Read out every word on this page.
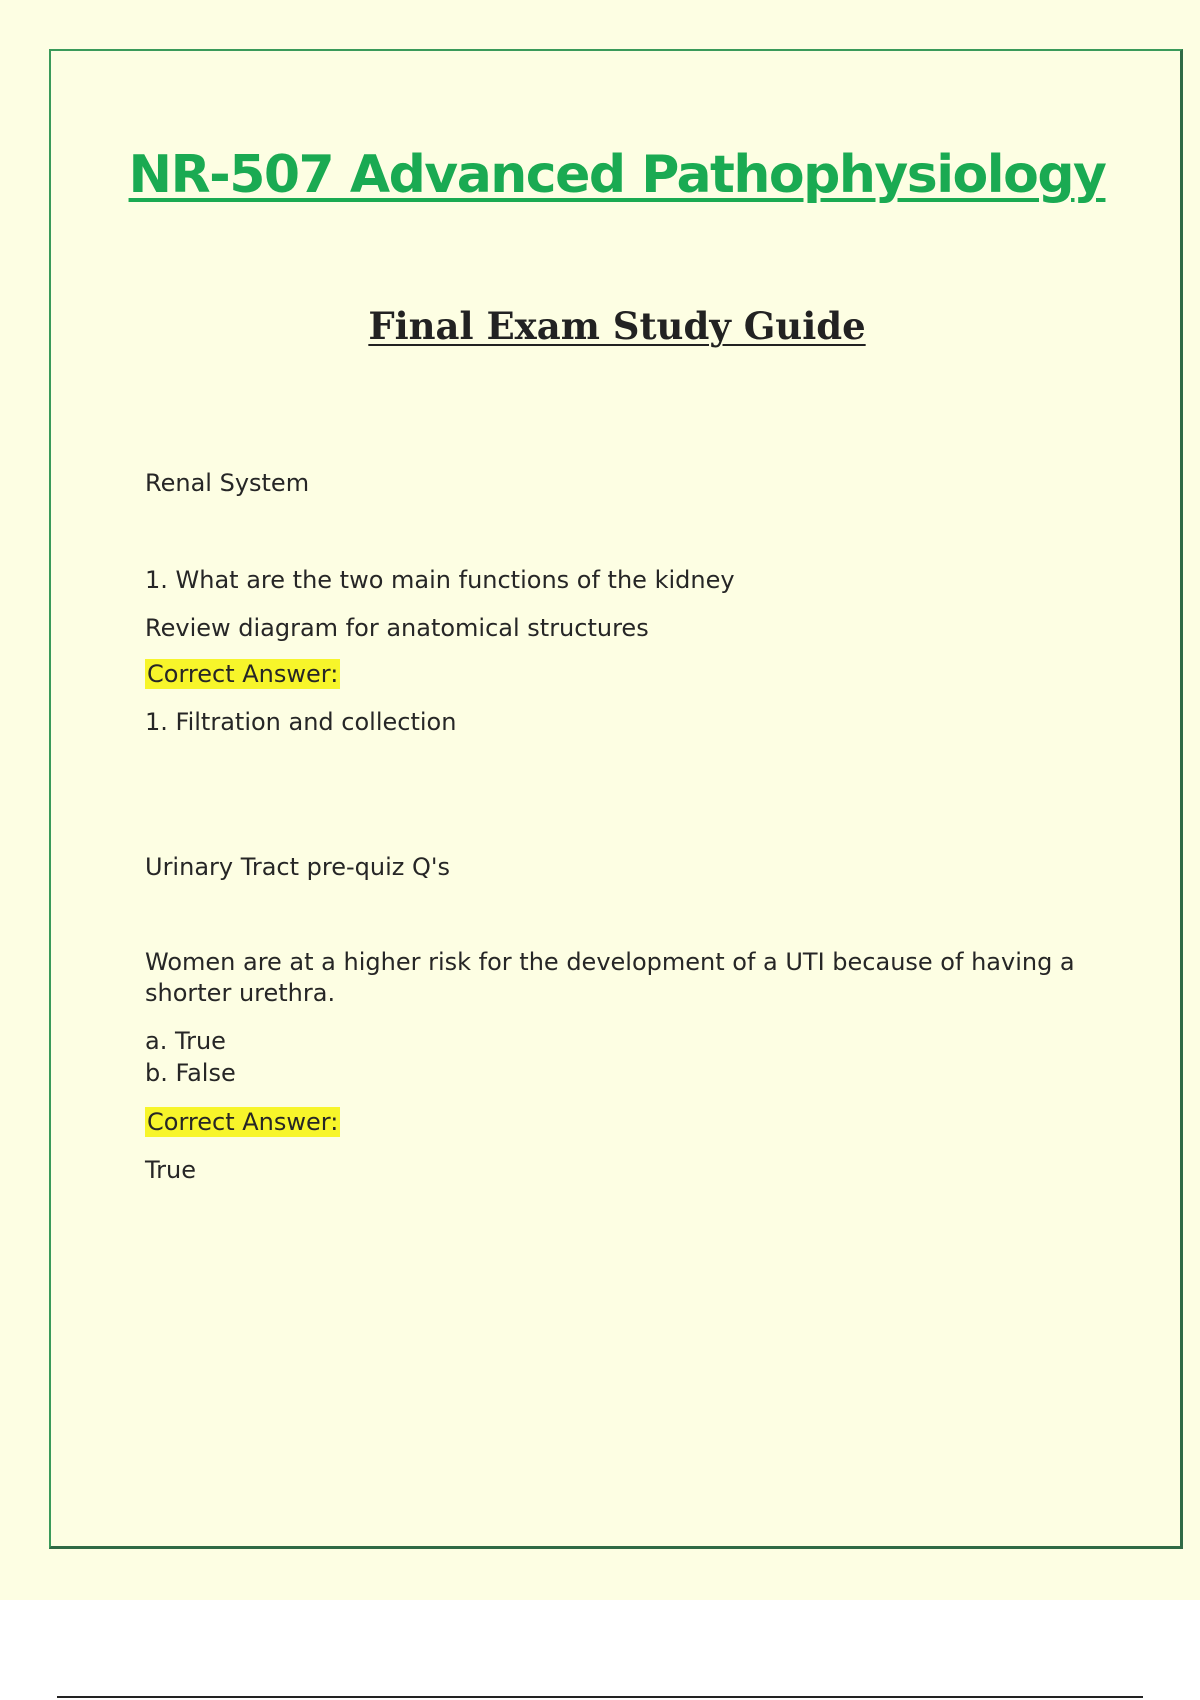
NR-507 Advanced Pathophysiology
Final Exam Study Guide
Renal System
1. What are the two main functions of the kidney
Review diagram for anatomical structures
Correct Answer:
1. Filtration and collection
Urinary Tract pre-quiz Q's
Women are at a higher risk for the development of a UTI because of having a shorter urethra.
a. True
b. False
Correct Answer:
True
